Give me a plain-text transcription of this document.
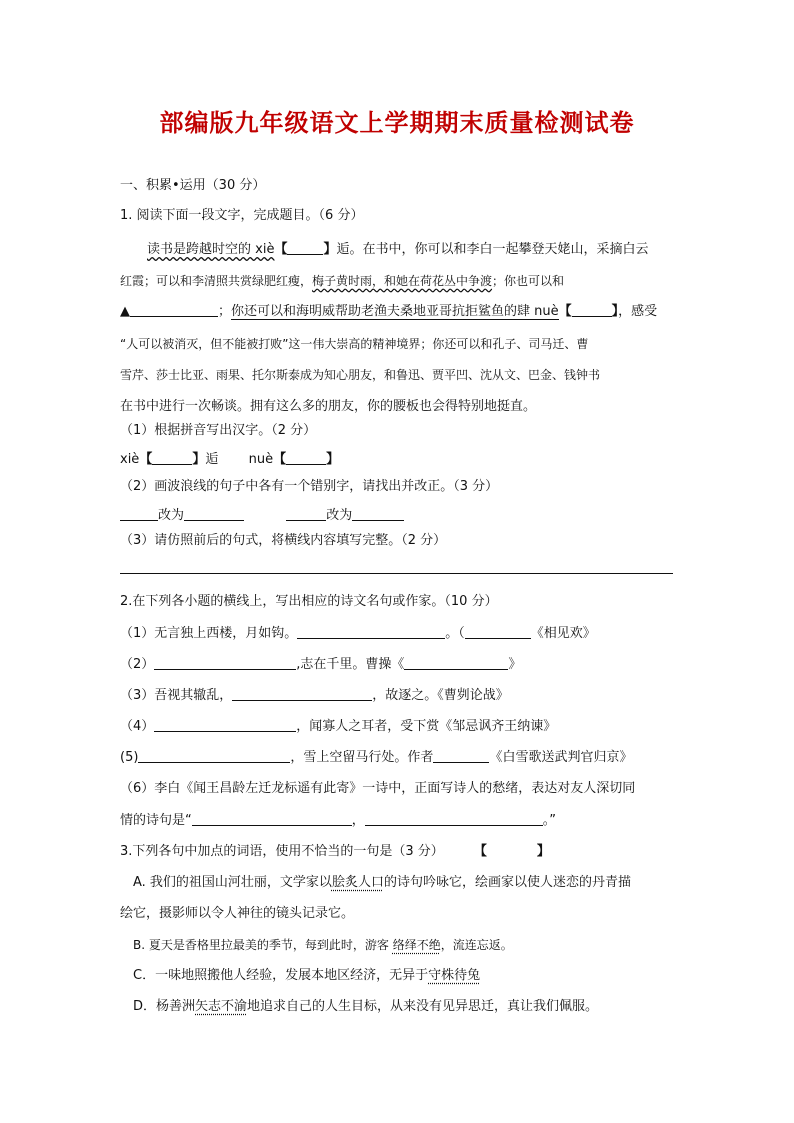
部编版九年级语文上学期期末质量检测试卷
一、积累•运用（30 分）
1. 阅读下面一段文字，完成题目。（6 分）
读书是跨越时空的 xiè【	】逅。在书中，你可以和李白一起攀登天姥山，采摘白云
红霞；可以和李清照共赏绿肥红瘦，梅子黄时雨，和她在荷花丛中争渡；你也可以和
▲	；你还可以和海明威帮助老渔夫桑地亚哥抗拒鲨鱼的肆 nuè【	】，感受
“人可以被消灭，但不能被打败”这一伟大崇高的精神境界；你还可以和孔子、司马迁、曹
雪芹、莎士比亚、雨果、托尔斯泰成为知心朋友，和鲁迅、贾平凹、沈从文、巴金、钱钟书
在书中进行一次畅谈。拥有这么多的朋友，你的腰板也会得特别地挺直。
（1）根据拼音写出汉字。（2 分）
xiè【	】逅 nuè【	】
（2）画波浪线的句子中各有一个错别字，请找出并改正。（3 分）
改为	改为
（3）请仿照前后的句式，将横线内容填写完整。（2 分）
2.在下列各小题的横线上，写出相应的诗文名句或作家。（10 分）
（1）无言独上西楼，月如钩。	。（	《相见欢》
（2）	,志在千里。曹操《	》
（3）吾视其辙乱，	，故逐之。《曹刿论战》
（4）	，闻寡人之耳者，受下赏《邹忌讽齐王纳谏》
(5)	，雪上空留马行处。作者	《白雪歌送武判官归京》
（6）李白《闻王昌龄左迁龙标遥有此寄》一诗中，正面写诗人的愁绪，表达对友人深切同
情的诗句是“	，	。”
3.下列各句中加点的词语，使用不恰当的一句是（3 分） 【	】
A. 我们的祖国山河壮丽，文学家以脍炙人口的诗句吟咏它，绘画家以使人迷恋的丹青描
绘它，摄影师以令人神往的镜头记录它。
B. 夏天是香格里拉最美的季节，每到此时，游客 络绎不绝，流连忘返。
C．一味地照搬他人经验，发展本地区经济，无异于守株待兔
D．杨善洲矢志不渝地追求自己的人生目标，从来没有见异思迁，真让我们佩服。
